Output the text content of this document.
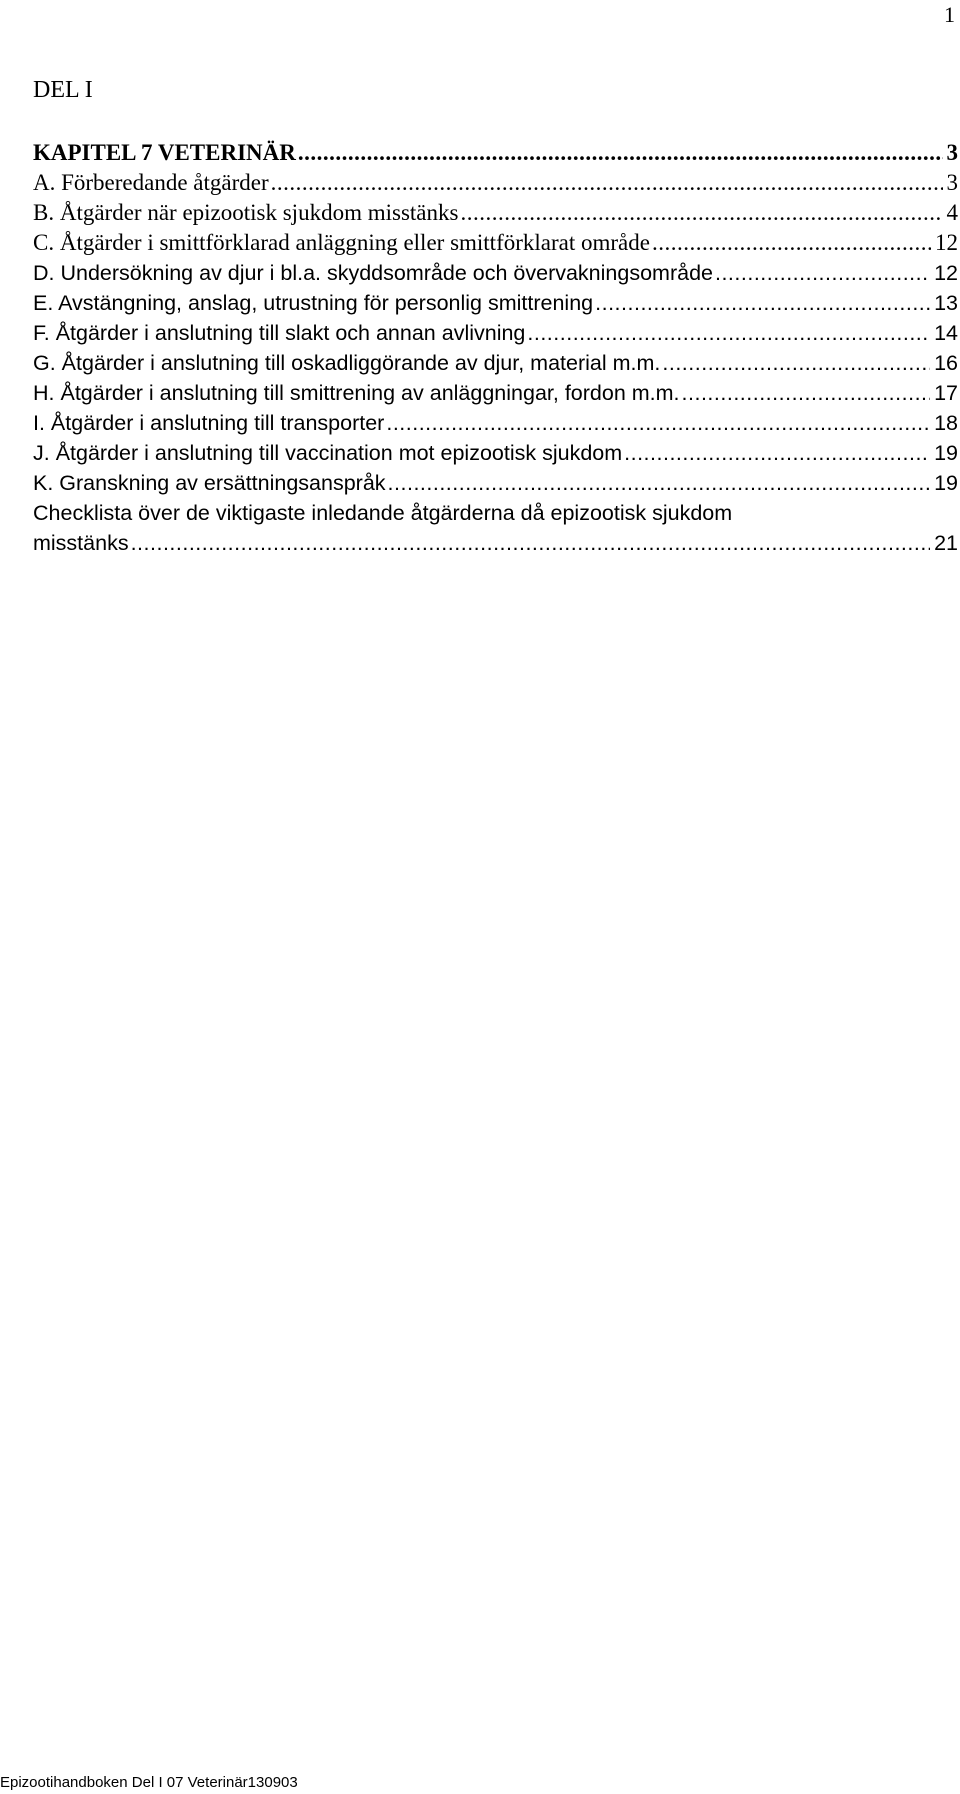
1
DEL I
KAPITEL 7 VETERINÄR .....	3
A. Förberedande åtgärder .....	3
B. Åtgärder när epizootisk sjukdom misstänks .....	4
C. Åtgärder i smittförklarad anläggning eller smittförklarat område .....	12
D. Undersökning av djur i bl.a. skyddsområde och övervakningsområde .....	12
E. Avstängning, anslag, utrustning för personlig smittrening .....	13
F. Åtgärder i anslutning till slakt och annan avlivning .....	14
G. Åtgärder i anslutning till oskadliggörande av djur, material m.m. .....	16
H. Åtgärder i anslutning till smittrening av anläggningar, fordon m.m. .....	17
I. Åtgärder i anslutning till transporter .....	18
J. Åtgärder i anslutning till vaccination mot epizootisk sjukdom .....	19
K. Granskning av ersättningsanspråk .....	19
Checklista över de viktigaste inledande åtgärderna då epizootisk sjukdom
misstänks .....	21
Epizootihandboken Del I 07 Veterinär130903
